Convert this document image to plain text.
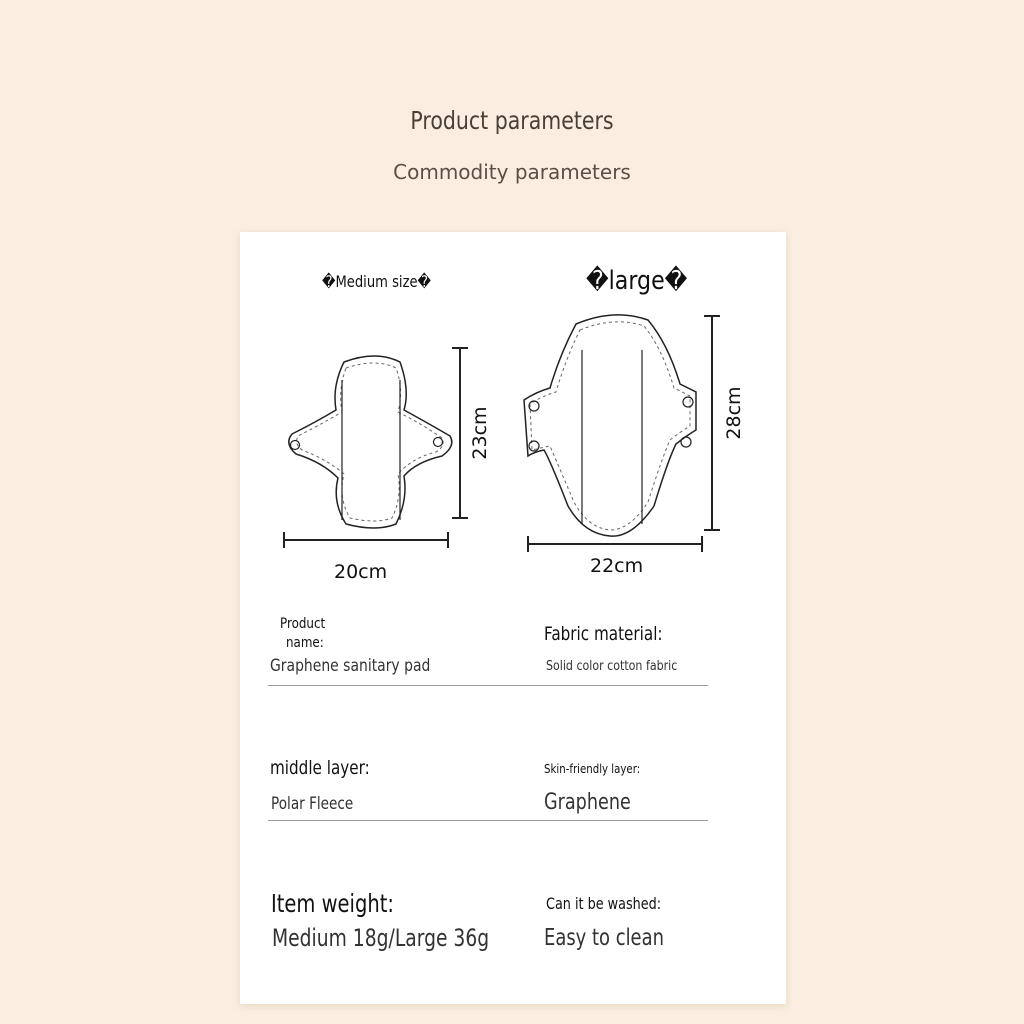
Product parameters
Commodity parameters
�Medium size�	�large�
23cm
20cm
28cm
22cm
Product
name:
Graphene sanitary pad
Fabric material:
Solid color cotton fabric
middle layer:
Polar Fleece
Skin-friendly layer:
Graphene
Item weight:
Medium 18g/Large 36g
Can it be washed:
Easy to clean
